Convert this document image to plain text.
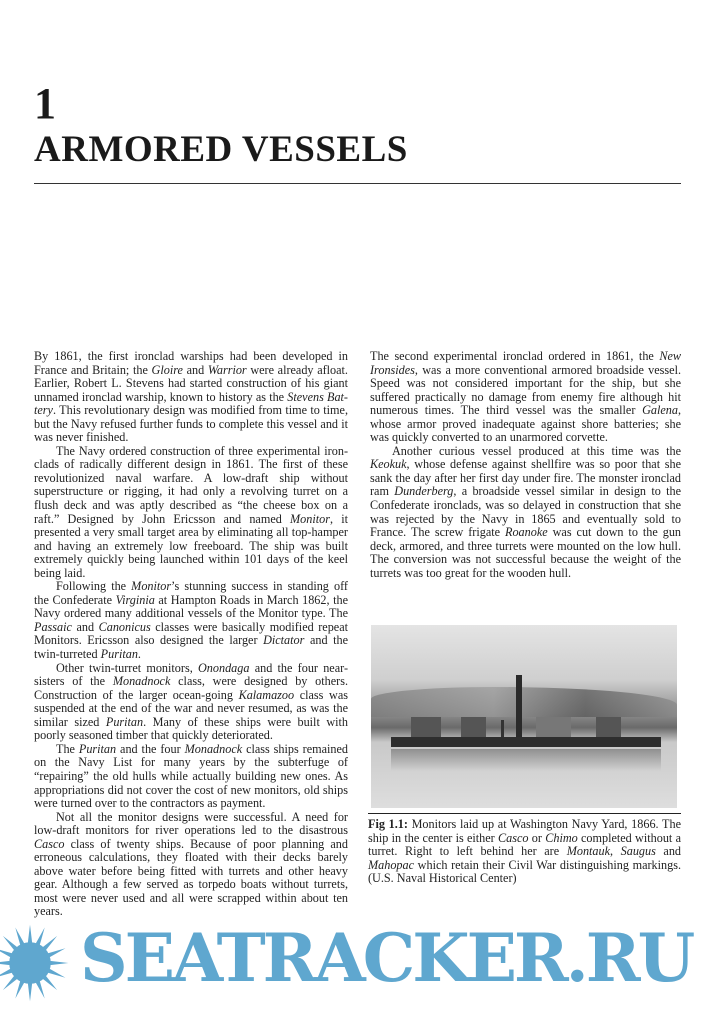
1
ARMORED VESSELS

By 1861, the first ironclad warships had been developed in France and Britain; the Gloire and Warrior were already afloat. Earlier, Robert L. Stevens had started construction of his giant unnamed ironclad warship, known to history as the Stevens Battery. This revolutionary design was modified from time to time, but the Navy refused further funds to complete this vessel and it was never finished.

The Navy ordered construction of three experimental ironclads of radically different design in 1861. The first of these revolutionized naval warfare. A low-draft ship without superstructure or rigging, it had only a revolving turret on a flush deck and was aptly described as “the cheese box on a raft.” Designed by John Ericsson and named Monitor, it presented a very small target area by eliminating all top-hamper and having an extremely low freeboard. The ship was built extremely quickly being launched within 101 days of the keel being laid.

Following the Monitor’s stunning success in standing off the Confederate Virginia at Hampton Roads in March 1862, the Navy ordered many additional vessels of the Monitor type. The Passaic and Canonicus classes were basically modified repeat Monitors. Ericsson also designed the larger Dictator and the twin-turreted Puritan.

Other twin-turret monitors, Onondaga and the four near-sisters of the Monadnock class, were designed by others. Construction of the larger ocean-going Kalamazoo class was suspended at the end of the war and never resumed, as was the similar sized Puritan. Many of these ships were built with poorly seasoned timber that quickly deteriorated.

The Puritan and the four Monadnock class ships remained on the Navy List for many years by the subterfuge of “repairing” the old hulls while actually building new ones. As appropriations did not cover the cost of new monitors, old ships were turned over to the contractors as payment.

Not all the monitor designs were successful. A need for low-draft monitors for river operations led to the disastrous Casco class of twenty ships. Because of poor planning and erroneous calculations, they floated with their decks barely above water before being fitted with turrets and other heavy gear. Although a few served as torpedo boats without turrets, most were never used and all were scrapped within about ten years.

The second experimental ironclad ordered in 1861, the New Ironsides, was a more conventional armored broadside vessel. Speed was not considered important for the ship, but she suffered practically no damage from enemy fire although hit numerous times. The third vessel was the smaller Galena, whose armor proved inadequate against shore batteries; she was quickly converted to an unarmored corvette.

Another curious vessel produced at this time was the Keokuk, whose defense against shellfire was so poor that she sank the day after her first day under fire. The monster ironclad ram Dunderberg, a broadside vessel similar in design to the Confederate ironclads, was so delayed in construction that she was rejected by the Navy in 1865 and eventually sold to France. The screw frigate Roanoke was cut down to the gun deck, armored, and three turrets were mounted on the low hull. The conversion was not successful because the weight of the turrets was too great for the wooden hull.

Fig 1.1: Monitors laid up at Washington Navy Yard, 1866. The ship in the center is either Casco or Chimo completed without a turret. Right to left behind her are Montauk, Saugus and Mahopac which retain their Civil War distinguishing markings. (U.S. Naval Historical Center)
SEATRACKER.RU
